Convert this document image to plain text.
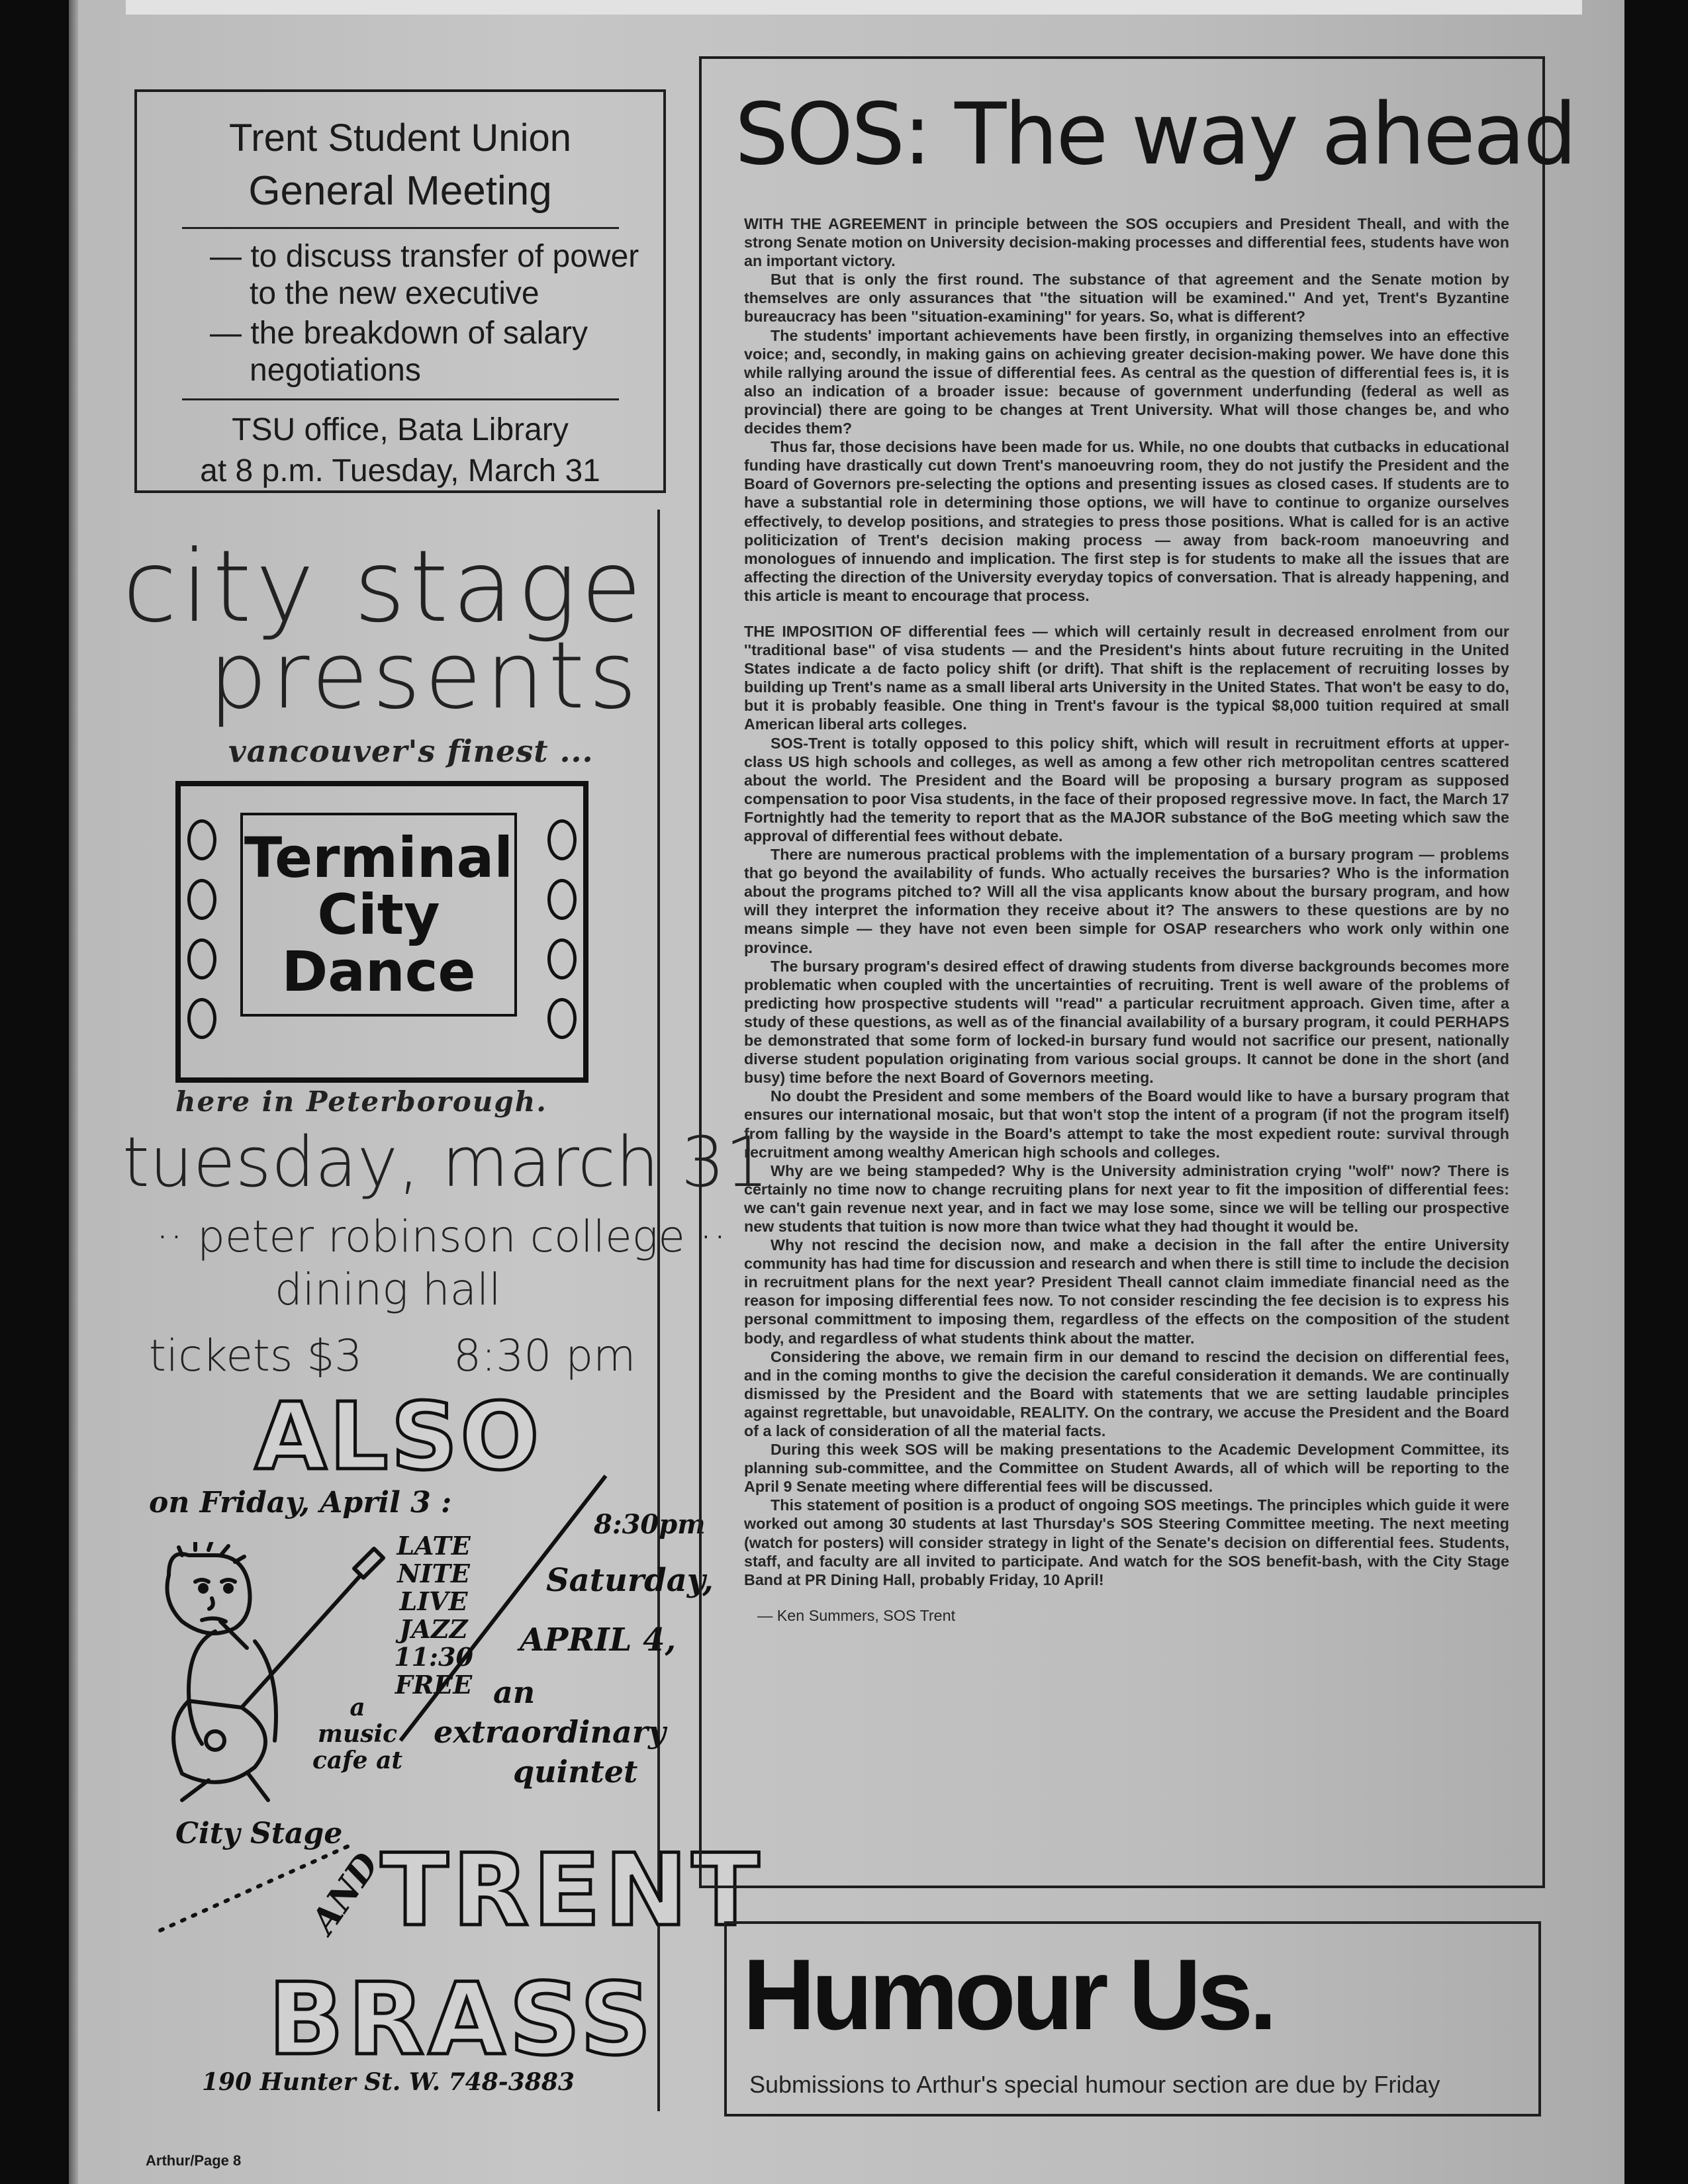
Trent Student Union
General Meeting
— to discuss transfer of power to the new executive
— the breakdown of salary negotiations
TSU office, Bata Library
at 8 p.m. Tuesday, March 31
city stage
presents
vancouver's finest ...
Terminal
City
Dance
here in Peterborough.
tuesday, march 31
·· peter robinson college ··
dining hall
tickets $3 8:30 pm
ALSO
on Friday, April 3 :
LATE NITE LIVE JAZZ 11:30 FREE
a music cafe at
8:30pm
Saturday,
APRIL 4,
an
extraordinary
quintet
City Stage
AND
TRENT
BRASS
190 Hunter St. W. 748-3883
SOS: The way ahead

WITH THE AGREEMENT in principle between the SOS occupiers and President Theall, and with the strong Senate motion on University decision-making processes and differential fees, students have won an important victory.

But that is only the first round. The substance of that agreement and the Senate motion by themselves are only assurances that ''the situation will be examined.'' And yet, Trent's Byzantine bureaucracy has been ''situation-examining'' for years. So, what is different?

The students' important achievements have been firstly, in organizing themselves into an effective voice; and, secondly, in making gains on achieving greater decision-making power. We have done this while rallying around the issue of differential fees. As central as the question of differential fees is, it is also an indication of a broader issue: because of government underfunding (federal as well as provincial) there are going to be changes at Trent University. What will those changes be, and who decides them?

Thus far, those decisions have been made for us. While, no one doubts that cutbacks in educational funding have drastically cut down Trent's manoeuvring room, they do not justify the President and the Board of Governors pre-selecting the options and presenting issues as closed cases. If students are to have a substantial role in determining those options, we will have to continue to organize ourselves effectively, to develop positions, and strategies to press those positions. What is called for is an active politicization of Trent's decision making process — away from back-room manoeuvring and monologues of innuendo and implication. The first step is for students to make all the issues that are affecting the direction of the University everyday topics of conversation. That is already happening, and this article is meant to encourage that process.

THE IMPOSITION OF differential fees — which will certainly result in decreased enrolment from our ''traditional base'' of visa students — and the President's hints about future recruiting in the United States indicate a de facto policy shift (or drift). That shift is the replacement of recruiting losses by building up Trent's name as a small liberal arts University in the United States. That won't be easy to do, but it is probably feasible. One thing in Trent's favour is the typical $8,000 tuition required at small American liberal arts colleges.

SOS-Trent is totally opposed to this policy shift, which will result in recruitment efforts at upper-class US high schools and colleges, as well as among a few other rich metropolitan centres scattered about the world. The President and the Board will be proposing a bursary program as supposed compensation to poor Visa students, in the face of their proposed regressive move. In fact, the March 17 Fortnightly had the temerity to report that as the MAJOR substance of the BoG meeting which saw the approval of differential fees without debate.

There are numerous practical problems with the implementation of a bursary program — problems that go beyond the availability of funds. Who actually receives the bursaries? Who is the information about the programs pitched to? Will all the visa applicants know about the bursary program, and how will they interpret the information they receive about it? The answers to these questions are by no means simple — they have not even been simple for OSAP researchers who work only within one province.

The bursary program's desired effect of drawing students from diverse backgrounds becomes more problematic when coupled with the uncertainties of recruiting. Trent is well aware of the problems of predicting how prospective students will ''read'' a particular recruitment approach. Given time, after a study of these questions, as well as of the financial availability of a bursary program, it could PERHAPS be demonstrated that some form of locked-in bursary fund would not sacrifice our present, nationally diverse student population originating from various social groups. It cannot be done in the short (and busy) time before the next Board of Governors meeting.

No doubt the President and some members of the Board would like to have a bursary program that ensures our international mosaic, but that won't stop the intent of a program (if not the program itself) from falling by the wayside in the Board's attempt to take the most expedient route: survival through recruitment among wealthy American high schools and colleges.

Why are we being stampeded? Why is the University administration crying ''wolf'' now? There is certainly no time now to change recruiting plans for next year to fit the imposition of differential fees: we can't gain revenue next year, and in fact we may lose some, since we will be telling our prospective new students that tuition is now more than twice what they had thought it would be.

Why not rescind the decision now, and make a decision in the fall after the entire University community has had time for discussion and research and when there is still time to include the decision in recruitment plans for the next year? President Theall cannot claim immediate financial need as the reason for imposing differential fees now. To not consider rescinding the fee decision is to express his personal committment to imposing them, regardless of the effects on the composition of the student body, and regardless of what students think about the matter.

Considering the above, we remain firm in our demand to rescind the decision on differential fees, and in the coming months to give the decision the careful consideration it demands. We are continually dismissed by the President and the Board with statements that we are setting laudable principles against regrettable, but unavoidable, REALITY. On the contrary, we accuse the President and the Board of a lack of consideration of all the material facts.

During this week SOS will be making presentations to the Academic Development Committee, its planning sub-committee, and the Committee on Student Awards, all of which will be reporting to the April 9 Senate meeting where differential fees will be discussed.

This statement of position is a product of ongoing SOS meetings. The principles which guide it were worked out among 30 students at last Thursday's SOS Steering Committee meeting. The next meeting (watch for posters) will consider strategy in light of the Senate's decision on differential fees. Students, staff, and faculty are all invited to participate. And watch for the SOS benefit-bash, with the City Stage Band at PR Dining Hall, probably Friday, 10 April!

— Ken Summers, SOS Trent

Humour Us.
Submissions to Arthur's special humour section are due by Friday
Arthur/Page 8
